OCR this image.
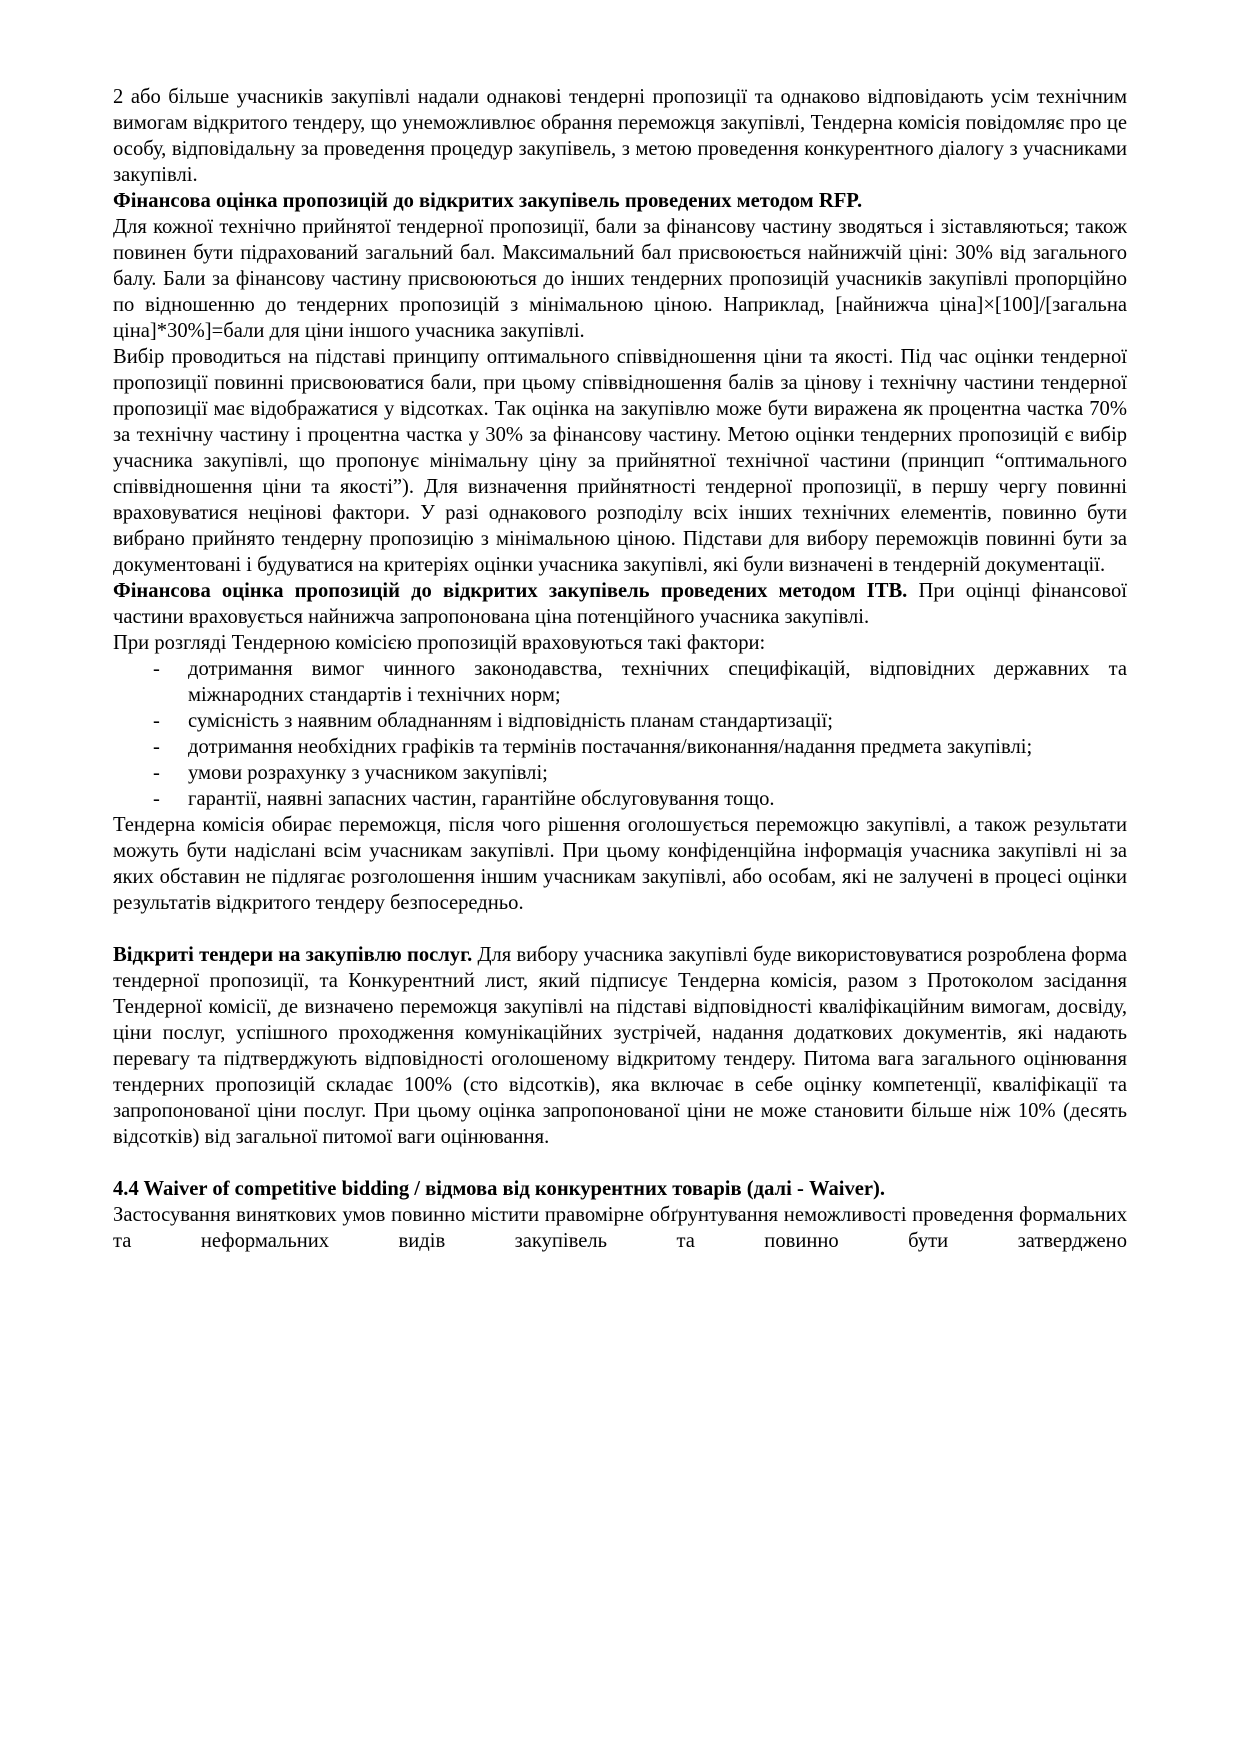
2 або більше учасників закупівлі надали однакові тендерні пропозиції та однаково відповідають усім технічним вимогам відкритого тендеру, що унеможливлює обрання переможця закупівлі, Тендерна комісія повідомляє про це особу, відповідальну за проведення процедур закупівель, з метою проведення конкурентного діалогу з учасниками закупівлі.

Фінансова оцінка пропозицій до відкритих закупівель проведених методом RFP.

Для кожної технічно прийнятої тендерної пропозиції, бали за фінансову частину зводяться і зіставляються; також повинен бути підрахований загальний бал. Максимальний бал присвоюється найнижчій ціні: 30% від загального балу. Бали за фінансову частину присвоюються до інших тендерних пропозицій учасників закупівлі пропорційно по відношенню до тендерних пропозицій з мінімальною ціною. Наприклад, [найнижча ціна]×[100]/[загальна ціна]*30%]=бали для ціни іншого учасника закупівлі.

Вибір проводиться на підставі принципу оптимального співвідношення ціни та якості. Під час оцінки тендерної пропозиції повинні присвоюватися бали, при цьому співвідношення балів за цінову і технічну частини тендерної пропозиції має відображатися у відсотках. Так оцінка на закупівлю може бути виражена як процентна частка 70% за технічну частину і процентна частка у 30% за фінансову частину. Метою оцінки тендерних пропозицій є вибір учасника закупівлі, що пропонує мінімальну ціну за прийнятної технічної частини (принцип “оптимального співвідношення ціни та якості”). Для визначення прийнятності тендерної пропозиції, в першу чергу повинні враховуватися нецінові фактори. У разі однакового розподілу всіх інших технічних елементів, повинно бути вибрано прийнято тендерну пропозицію з мінімальною ціною. Підстави для вибору переможців повинні бути за документовані і будуватися на критеріях оцінки учасника закупівлі, які були визначені в тендерній документації.

Фінансова оцінка пропозицій до відкритих закупівель проведених методом ІТВ. При оцінці фінансової частини враховується найнижча запропонована ціна потенційного учасника закупівлі.

При розгляді Тендерною комісією пропозицій враховуються такі фактори:

- дотримання вимог чинного законодавства, технічних специфікацій, відповідних державних та міжнародних стандартів і технічних норм;
- сумісність з наявним обладнанням і відповідність планам стандартизації;
- дотримання необхідних графіків та термінів постачання/виконання/надання предмета закупівлі;
- умови розрахунку з учасником закупівлі;
- гарантії, наявні запасних частин, гарантійне обслуговування тощо.

Тендерна комісія обирає переможця, після чого рішення оголошується переможцю закупівлі, а також результати можуть бути надіслані всім учасникам закупівлі. При цьому конфіденційна інформація учасника закупівлі ні за яких обставин не підлягає розголошення іншим учасникам закупівлі, або особам, які не залучені в процесі оцінки результатів відкритого тендеру безпосередньо.

Відкриті тендери на закупівлю послуг. Для вибору учасника закупівлі буде використовуватися розроблена форма тендерної пропозиції, та Конкурентний лист, який підписує Тендерна комісія, разом з Протоколом засідання Тендерної комісії, де визначено переможця закупівлі на підставі відповідності кваліфікаційним вимогам, досвіду, ціни послуг, успішного проходження комунікаційних зустрічей, надання додаткових документів, які надають перевагу та підтверджують відповідності оголошеному відкритому тендеру. Питома вага загального оцінювання тендерних пропозицій складає 100% (сто відсотків), яка включає в себе оцінку компетенції, кваліфікації та запропонованої ціни послуг. При цьому оцінка запропонованої ціни не може становити більше ніж 10% (десять відсотків) від загальної питомої ваги оцінювання.

4.4 Waiver of competitive bidding / відмова від конкурентних товарів (далі - Waiver).

Застосування виняткових умов повинно містити правомірне обґрунтування неможливості проведення формальних та неформальних видів закупівель та повинно бути затверджено
